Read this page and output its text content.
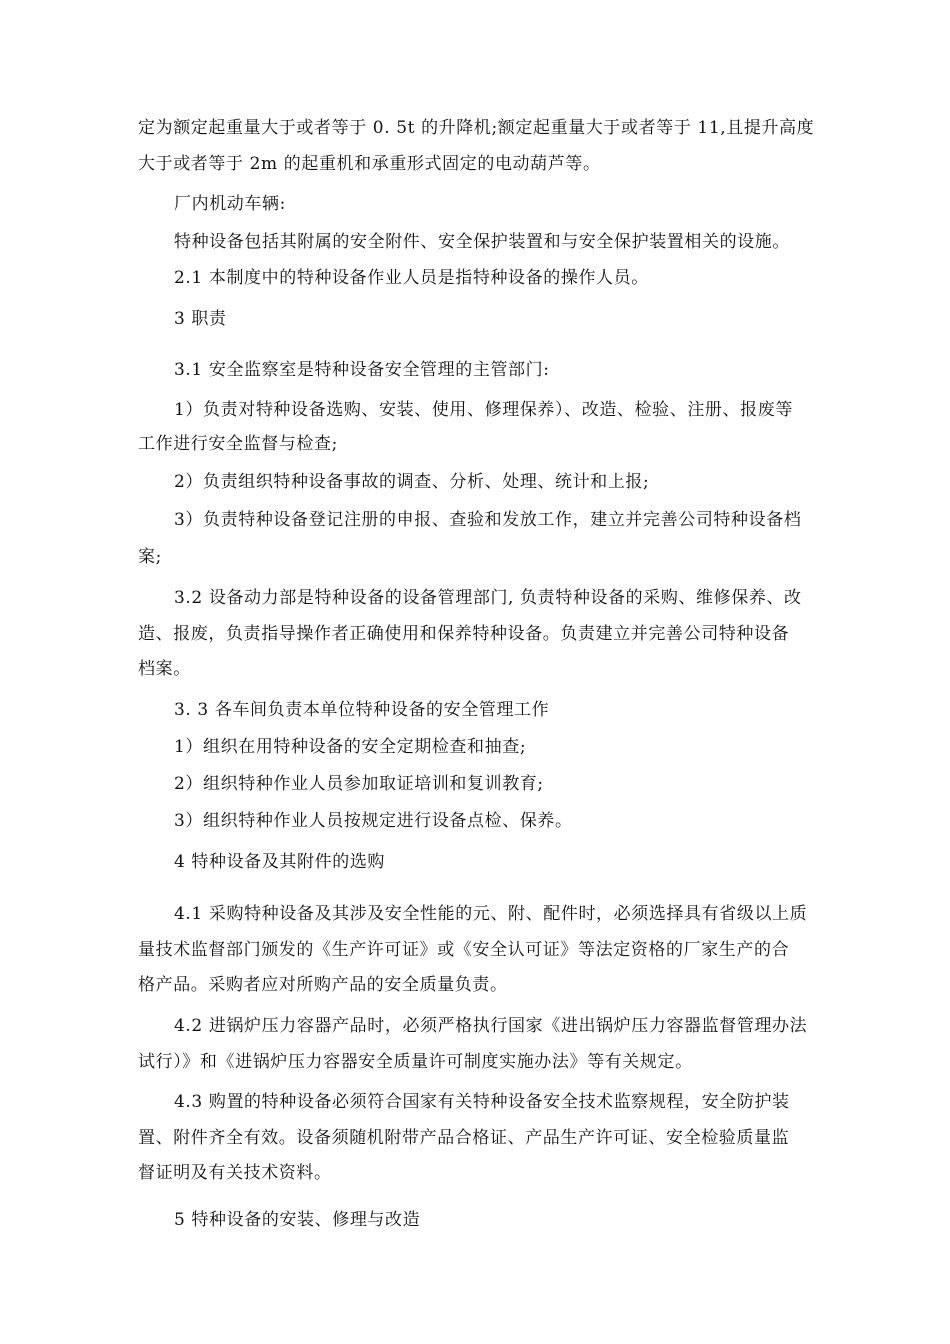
定为额定起重量大于或者等于 0. 5t 的升降机;额定起重量大于或者等于 11,且提升高度
大于或者等于 2m 的起重机和承重形式固定的电动葫芦等。
厂内机动车辆:
特种设备包括其附属的安全附件、安全保护装置和与安全保护装置相关的设施。
2.1 本制度中的特种设备作业人员是指特种设备的操作人员。
3 职责
3.1 安全监察室是特种设备安全管理的主管部门:
1）负责对特种设备选购、安装、使用、修理保养）、改造、检验、注册、报废等
工作进行安全监督与检查;
2）负责组织特种设备事故的调查、分析、处理、统计和上报;
3）负责特种设备登记注册的申报、查验和发放工作，建立并完善公司特种设备档
案;
3.2 设备动力部是特种设备的设备管理部门, 负责特种设备的采购、维修保养、改
造、报废，负责指导操作者正确使用和保养特种设备。负责建立并完善公司特种设备
档案。
3. 3 各车间负责本单位特种设备的安全管理工作
1）组织在用特种设备的安全定期检查和抽查;
2）组织特种作业人员参加取证培训和复训教育;
3）组织特种作业人员按规定进行设备点检、保养。
4 特种设备及其附件的选购
4.1 采购特种设备及其涉及安全性能的元、附、配件时，必须选择具有省级以上质
量技术监督部门颁发的《生产许可证》或《安全认可证》等法定资格的厂家生产的合
格产品。采购者应对所购产品的安全质量负责。
4.2 进锅炉压力容器产品时，必须严格执行国家《进出锅炉压力容器监督管理办法
试行）》和《进锅炉压力容器安全质量许可制度实施办法》等有关规定。
4.3 购置的特种设备必须符合国家有关特种设备安全技术监察规程，安全防护装
置、附件齐全有效。设备须随机附带产品合格证、产品生产许可证、安全检验质量监
督证明及有关技术资料。
5 特种设备的安装、修理与改造
